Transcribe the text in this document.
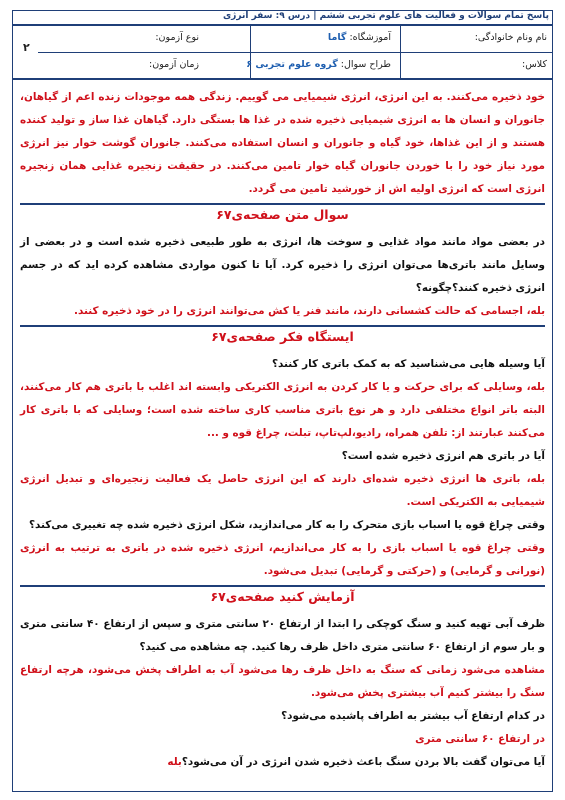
پاسخ تمام سوالات و فعالیت های علوم تجربی ششم | درس ۹: سفر انرژی
۲
نام ونام خانوادگی:
آموزشگاه: گاما
نوع آزمون:
کلاس:
طراح سوال: گروه علوم تجربی ۶
زمان آزمون:

خود ذخیره می‌کنند. به این انرژی، انرژی شیمیایی می گوییم. زندگی همه موجودات زنده اعم از گیاهان، جانوران و انسان ها به انرژی شیمیایی ذخیره شده در غذا ها بستگی دارد. گیاهان غذا ساز و تولید کننده هستند و از این غذاها، خود گیاه و جانوران و انسان استفاده می‌کنند. جانوران گوشت خوار نیز انرژی مورد نیاز خود را با خوردن جانوران گیاه خوار تامین می‌کنند. در حقیقت زنجیره غذایی همان زنجیره انرژی است که انرژی اولیه اش از خورشید تامین می گردد.

سوال متن صفحه‌ی۶۷

در بعضی مواد مانند مواد غذایی و سوخت ها، انرژی به طور طبیعی ذخیره شده است و در بعضی از وسایل مانند باتری‌ها می‌توان انرژی را ذخیره کرد. آیا تا کنون مواردی مشاهده کرده اید که در جسم انرژی ذخیره کنند؟چگونه؟

بله، اجسامی که حالت کشسانی دارند، مانند فنر یا کش می‌توانند انرژی را در خود ذخیره کنند.

ایستگاه فکر صفحه‌ی۶۷

آیا وسیله هایی می‌شناسید که به کمک باتری کار کنند؟

بله، وسایلی که برای حرکت و یا کار کردن به انرژی الکتریکی وابسته اند اغلب با باتری هم کار می‌کنند، البته باتر انواع مختلفی دارد و هر نوع باتری مناسب کاری ساخته شده است؛ وسایلی که با باتری کار می‌کنند عبارتند از: تلفن همراه، رادیو،لپ‌تاپ، تبلت، چراغ قوه و ...

آیا در باتری هم انرژی ذخیره شده است؟

بله، باتری ها انرژی ذخیره شده‌ای دارند که این انرژی حاصل یک فعالیت زنجیره‌ای و تبدیل انرژی شیمیایی به الکتریکی است.

وقتی چراغ قوه یا اسباب بازی متحرک را به کار می‌اندازید، شکل انرژی ذخیره شده چه تغییری می‌کند؟

وقتی چراغ قوه یا اسباب بازی را به کار می‌اندازیم، انرژی ذخیره شده در باتری به ترتیب به انرژی (نورانی و گرمایی) و (حرکتی و گرمایی) تبدیل می‌شود.

آزمایش کنید صفحه‌ی۶۷

ظرف آبی تهیه کنید و سنگ کوچکی را ابتدا از ارتفاع ۲۰ سانتی متری و سپس از ارتفاع ۴۰ سانتی متری و بار سوم از ارتفاع ۶۰ سانتی متری داخل ظرف رها کنید. چه مشاهده می کنید؟

مشاهده می‌شود زمانی که سنگ به داخل ظرف رها می‌شود آب به اطراف پخش می‌شود، هرچه ارتفاع سنگ را بیشتر کنیم آب بیشتری پخش می‌شود.

در کدام ارتفاع آب بیشتر به اطراف پاشیده می‌شود؟

در ارتفاع ۶۰ سانتی متری

آیا می‌توان گفت بالا بردن سنگ باعث ذخیره شدن انرژی در آن می‌شود؟بله
